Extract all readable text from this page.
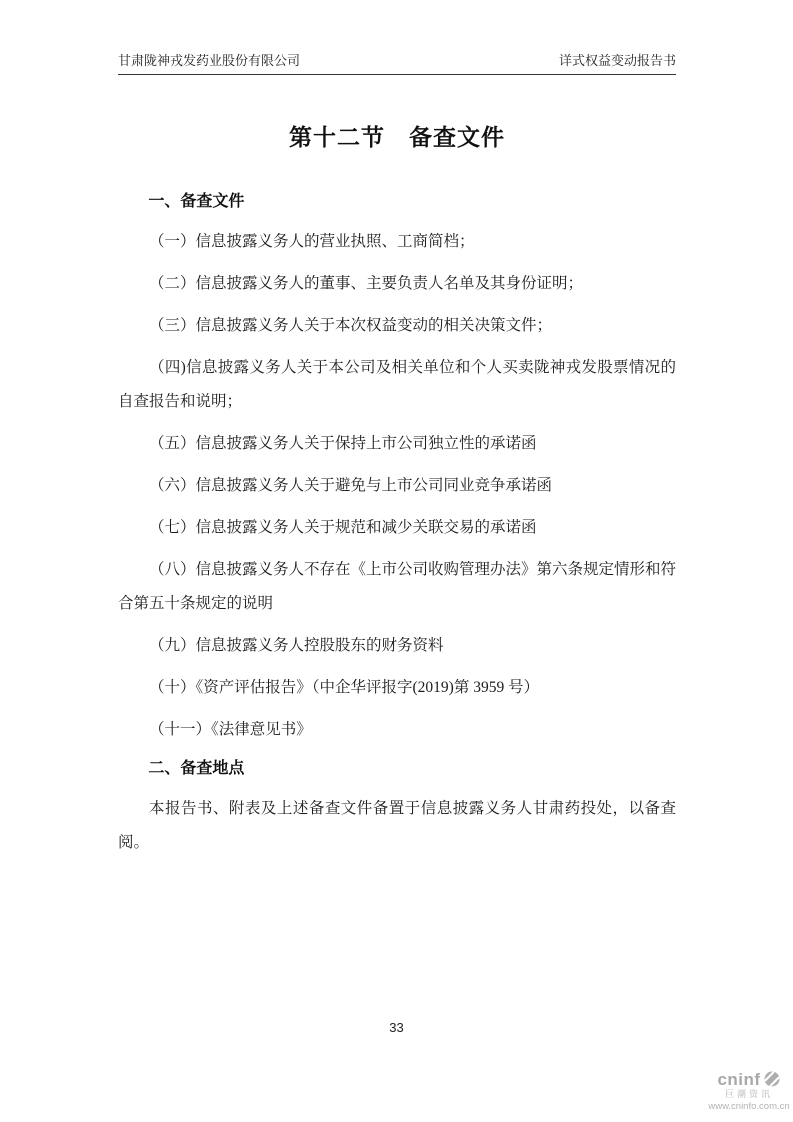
甘肃陇神戎发药业股份有限公司	详式权益变动报告书
第十二节　备查文件
一、备查文件

（一）信息披露义务人的营业执照、工商简档；

（二）信息披露义务人的董事、主要负责人名单及其身份证明；

（三）信息披露义务人关于本次权益变动的相关决策文件；

（四)信息披露义务人关于本公司及相关单位和个人买卖陇神戎发股票情况的自查报告和说明；

（五）信息披露义务人关于保持上市公司独立性的承诺函

（六）信息披露义务人关于避免与上市公司同业竞争承诺函

（七）信息披露义务人关于规范和减少关联交易的承诺函

（八）信息披露义务人不存在《上市公司收购管理办法》第六条规定情形和符合第五十条规定的说明

（九）信息披露义务人控股股东的财务资料

（十）《资产评估报告》（中企华评报字(2019)第 3959 号）

（十一）《法律意见书》

二、备查地点

本报告书、附表及上述备查文件备置于信息披露义务人甘肃药投处，以备查阅。

33
cninf
巨潮资讯
www.cninfo.com.cn
